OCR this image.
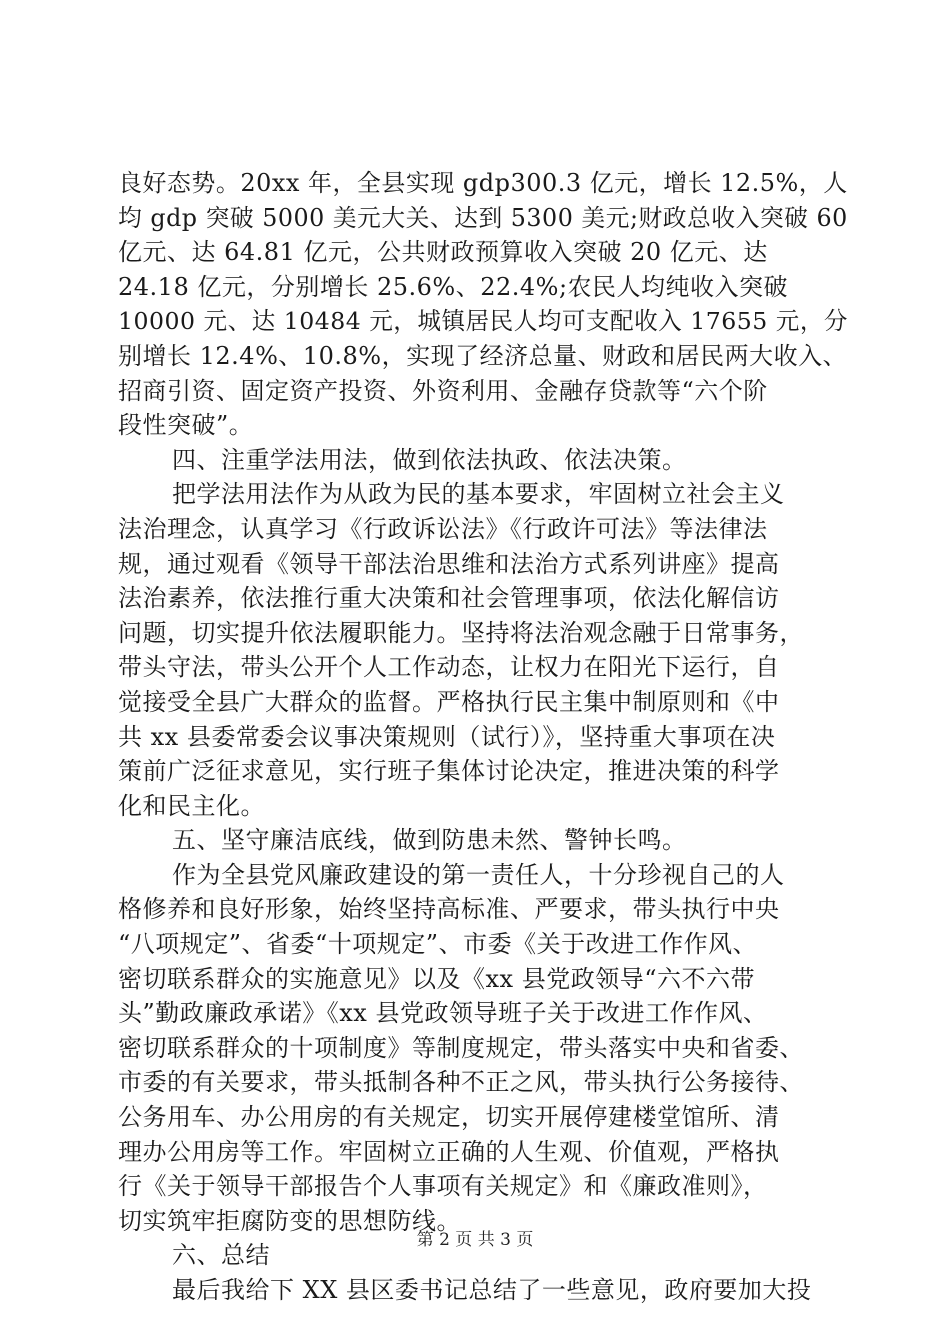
良好态势。20xx 年，全县实现 gdp300.3 亿元，增长 12.5%，人
均 gdp 突破 5000 美元大关、达到 5300 美元;财政总收入突破 60
亿元、达 64.81 亿元，公共财政预算收入突破 20 亿元、达
24.18 亿元，分别增长 25.6%、22.4%;农民人均纯收入突破
10000 元、达 10484 元，城镇居民人均可支配收入 17655 元，分
别增长 12.4%、10.8%，实现了经济总量、财政和居民两大收入、
招商引资、固定资产投资、外资利用、金融存贷款等“六个阶
段性突破”。
四、注重学法用法，做到依法执政、依法决策。
把学法用法作为从政为民的基本要求，牢固树立社会主义
法治理念，认真学习《行政诉讼法》《行政许可法》等法律法
规，通过观看《领导干部法治思维和法治方式系列讲座》提高
法治素养，依法推行重大决策和社会管理事项，依法化解信访
问题，切实提升依法履职能力。坚持将法治观念融于日常事务，
带头守法，带头公开个人工作动态，让权力在阳光下运行，自
觉接受全县广大群众的监督。严格执行民主集中制原则和《中
共 xx 县委常委会议事决策规则（试行）》，坚持重大事项在决
策前广泛征求意见，实行班子集体讨论决定，推进决策的科学
化和民主化。
五、坚守廉洁底线，做到防患未然、警钟长鸣。
作为全县党风廉政建设的第一责任人，十分珍视自己的人
格修养和良好形象，始终坚持高标准、严要求，带头执行中央
“八项规定”、省委“十项规定”、市委《关于改进工作作风、
密切联系群众的实施意见》以及《xx 县党政领导“六不六带
头”勤政廉政承诺》《xx 县党政领导班子关于改进工作作风、
密切联系群众的十项制度》等制度规定，带头落实中央和省委、
市委的有关要求，带头抵制各种不正之风，带头执行公务接待、
公务用车、办公用房的有关规定，切实开展停建楼堂馆所、清
理办公用房等工作。牢固树立正确的人生观、价值观，严格执
行《关于领导干部报告个人事项有关规定》和《廉政准则》，
切实筑牢拒腐防变的思想防线。
六、总结
最后我给下 XX 县区委书记总结了一些意见，政府要加大投
第 2 页 共 3 页
